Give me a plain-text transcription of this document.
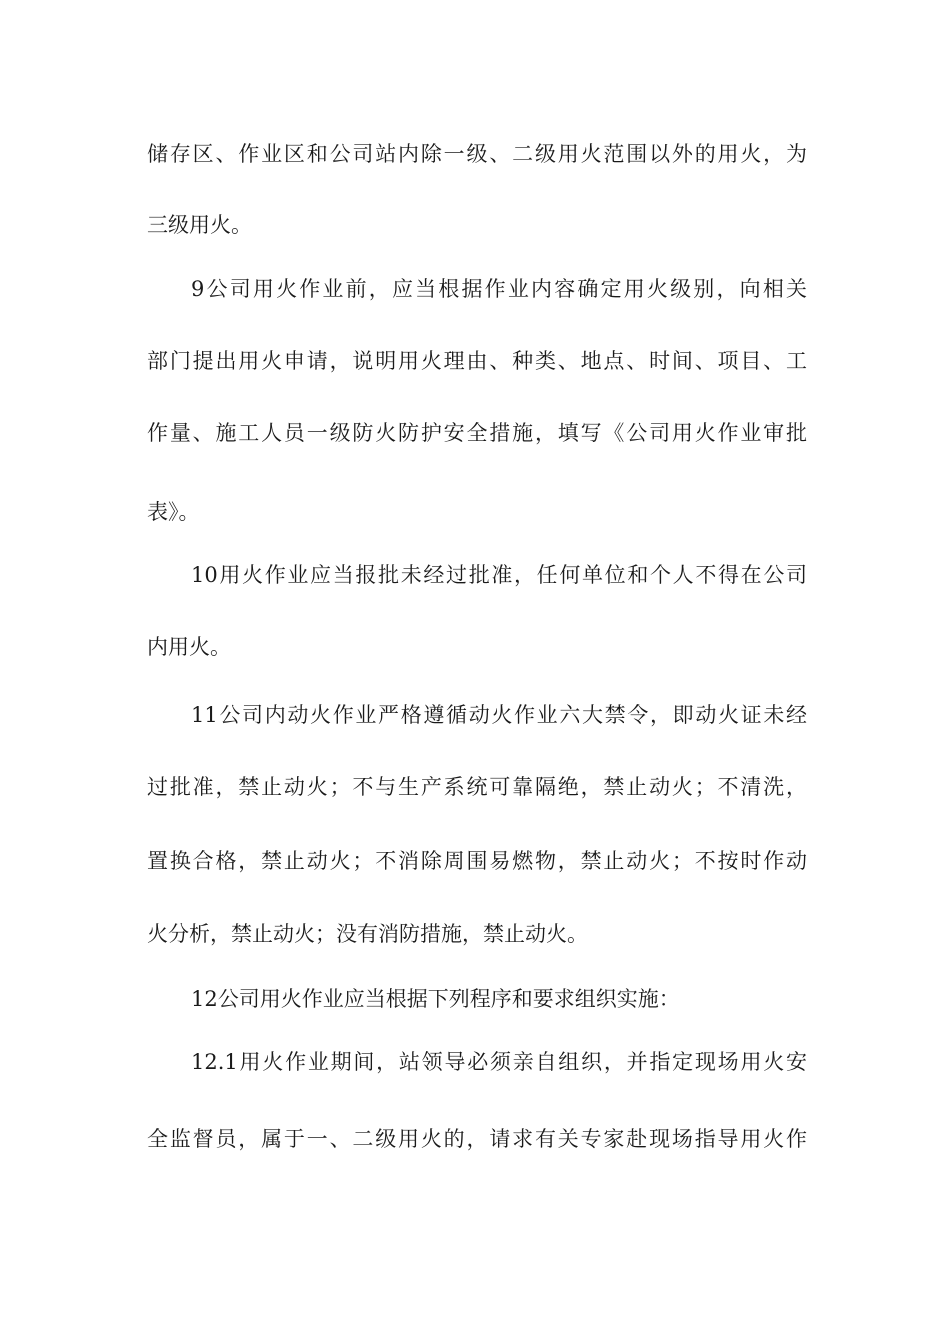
储存区、作业区和公司站内除一级、二级用火范围以外的用火，为
三级用火。
9公司用火作业前，应当根据作业内容确定用火级别，向相关
部门提出用火申请，说明用火理由、种类、地点、时间、项目、工
作量、施工人员一级防火防护安全措施，填写《公司用火作业审批
表》。
10用火作业应当报批未经过批准，任何单位和个人不得在公司
内用火。
11公司内动火作业严格遵循动火作业六大禁令，即动火证未经
过批准，禁止动火；不与生产系统可靠隔绝，禁止动火；不清洗，
置换合格，禁止动火；不消除周围易燃物，禁止动火；不按时作动
火分析，禁止动火；没有消防措施，禁止动火。
12公司用火作业应当根据下列程序和要求组织实施：
12.1用火作业期间，站领导必须亲自组织，并指定现场用火安
全监督员，属于一、二级用火的，请求有关专家赴现场指导用火作
